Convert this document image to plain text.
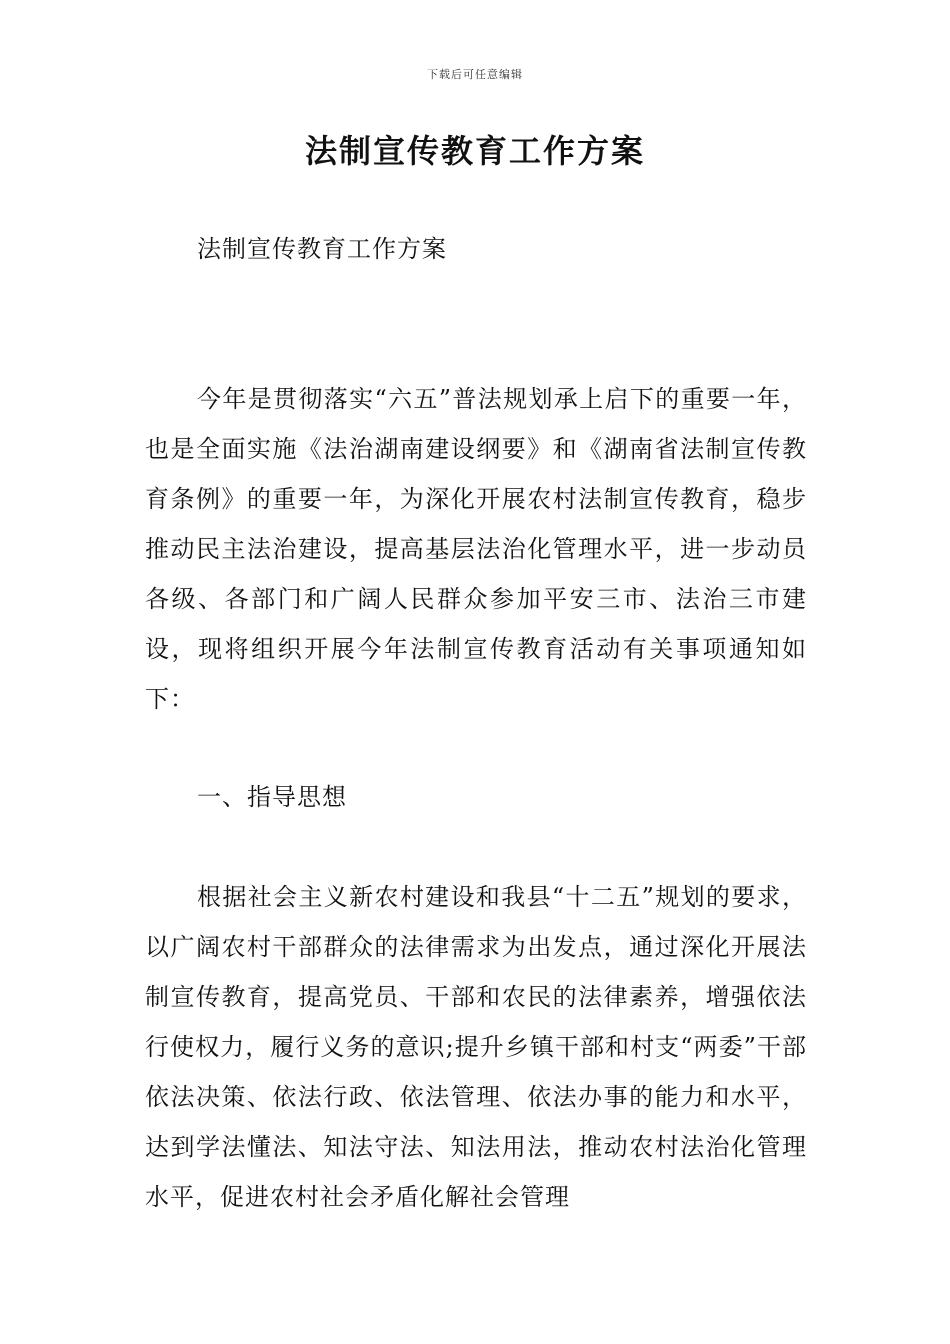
下载后可任意编辑
法制宣传教育工作方案

法制宣传教育工作方案

今年是贯彻落实“六五”普法规划承上启下的重要一年，也是全面实施《法治湖南建设纲要》和《湖南省法制宣传教育条例》的重要一年，为深化开展农村法制宣传教育，稳步推动民主法治建设，提高基层法治化管理水平，进一步动员各级、各部门和广阔人民群众参加平安三市、法治三市建设，现将组织开展今年法制宣传教育活动有关事项通知如下：

一、指导思想

根据社会主义新农村建设和我县“十二五”规划的要求，以广阔农村干部群众的法律需求为出发点，通过深化开展法制宣传教育，提高党员、干部和农民的法律素养，增强依法行使权力，履行义务的意识;提升乡镇干部和村支“两委”干部依法决策、依法行政、依法管理、依法办事的能力和水平，达到学法懂法、知法守法、知法用法，推动农村法治化管理水平，促进农村社会矛盾化解社会管理
